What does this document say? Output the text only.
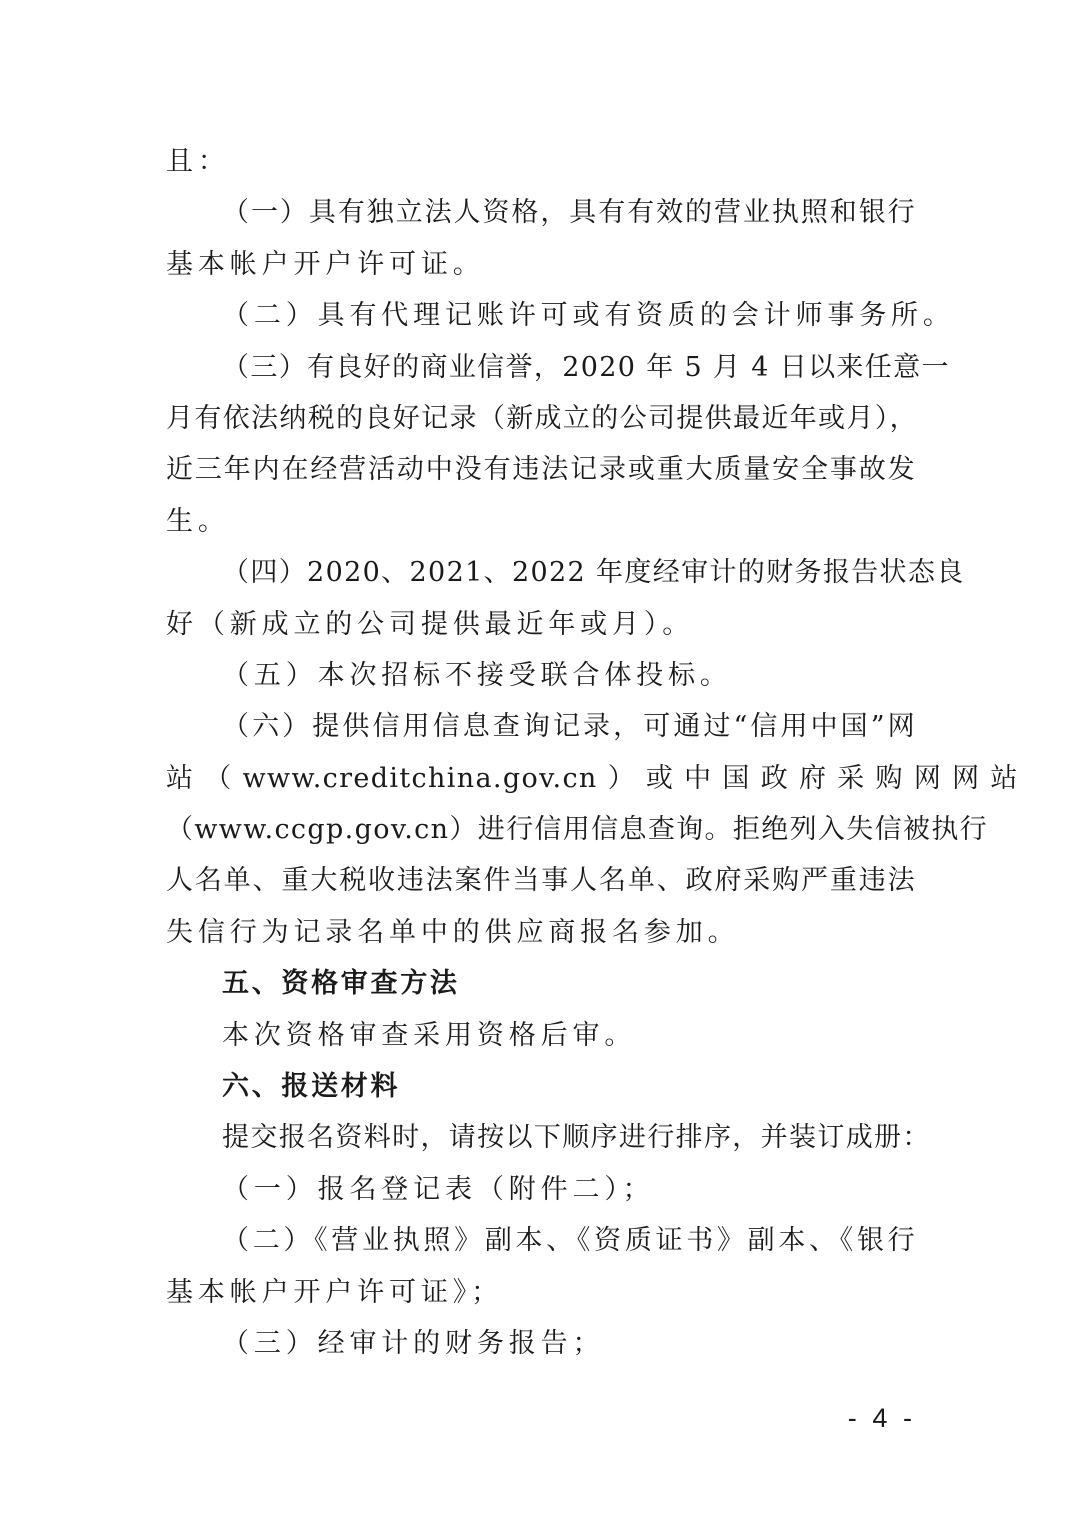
且：
（一）具有独立法人资格，具有有效的营业执照和银行
基本帐户开户许可证。
（二）具有代理记账许可或有资质的会计师事务所。
（三）有良好的商业信誉，2020 年 5 月 4 日以来任意一
月有依法纳税的良好记录（新成立的公司提供最近年或月），
近三年内在经营活动中没有违法记录或重大质量安全事故发
生。
（四）2020、2021、2022 年度经审计的财务报告状态良
好（新成立的公司提供最近年或月）。
（五）本次招标不接受联合体投标。
（六）提供信用信息查询记录，可通过“信用中国”网
站 （ www.creditchina.gov.cn ） 或 中 国 政 府 采 购 网 网 站
（www.ccgp.gov.cn）进行信用信息查询。拒绝列入失信被执行
人名单、重大税收违法案件当事人名单、政府采购严重违法
失信行为记录名单中的供应商报名参加。
五、资格审查方法
本次资格审查采用资格后审。
六、报送材料
提交报名资料时，请按以下顺序进行排序，并装订成册：
（一）报名登记表（附件二）；
（二）《营业执照》副本、《资质证书》副本、《银行
基本帐户开户许可证》；
（三）经审计的财务报告；
- 4 -
